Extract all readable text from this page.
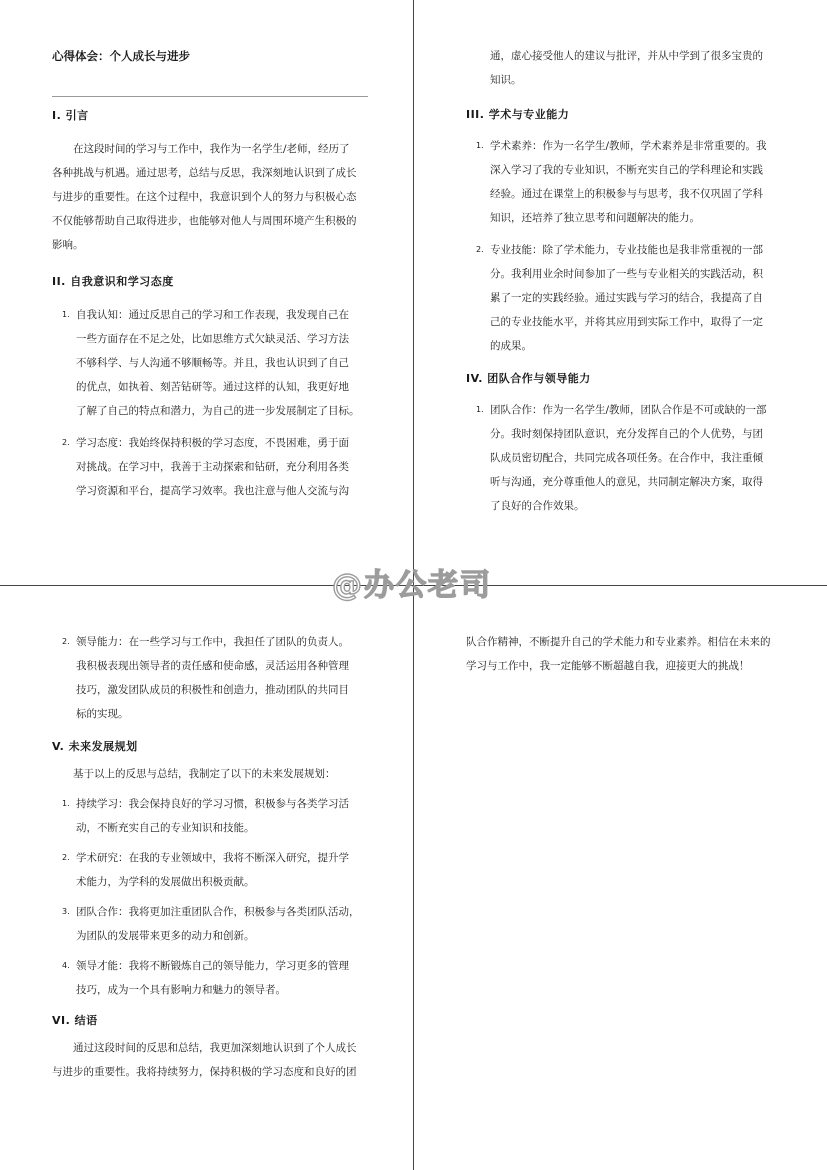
心得体会：个人成长与进步

I. 引言

在这段时间的学习与工作中，我作为一名学生/老师，经历了

各种挑战与机遇。通过思考，总结与反思，我深刻地认识到了成长

与进步的重要性。在这个过程中，我意识到个人的努力与积极心态

不仅能够帮助自己取得进步，也能够对他人与周围环境产生积极的

影响。

II. 自我意识和学习态度

1. 自我认知：通过反思自己的学习和工作表现，我发现自己在

一些方面存在不足之处，比如思维方式欠缺灵活、学习方法

不够科学、与人沟通不够顺畅等。并且，我也认识到了自己

的优点，如执着、刻苦钻研等。通过这样的认知，我更好地

了解了自己的特点和潜力，为自己的进一步发展制定了目标。

2. 学习态度：我始终保持积极的学习态度，不畏困难，勇于面

对挑战。在学习中，我善于主动探索和钻研，充分利用各类

学习资源和平台，提高学习效率。我也注意与他人交流与沟

通，虚心接受他人的建议与批评，并从中学到了很多宝贵的

知识。

III. 学术与专业能力

1. 学术素养：作为一名学生/教师，学术素养是非常重要的。我

深入学习了我的专业知识，不断充实自己的学科理论和实践

经验。通过在课堂上的积极参与与思考，我不仅巩固了学科

知识，还培养了独立思考和问题解决的能力。

2. 专业技能：除了学术能力，专业技能也是我非常重视的一部

分。我利用业余时间参加了一些与专业相关的实践活动，积

累了一定的实践经验。通过实践与学习的结合，我提高了自

己的专业技能水平，并将其应用到实际工作中，取得了一定

的成果。

IV. 团队合作与领导能力

1. 团队合作：作为一名学生/教师，团队合作是不可或缺的一部

分。我时刻保持团队意识，充分发挥自己的个人优势，与团

队成员密切配合，共同完成各项任务。在合作中，我注重倾

听与沟通，充分尊重他人的意见，共同制定解决方案，取得

了良好的合作效果。

2. 领导能力：在一些学习与工作中，我担任了团队的负责人。

我积极表现出领导者的责任感和使命感，灵活运用各种管理

技巧，激发团队成员的积极性和创造力，推动团队的共同目

标的实现。

V. 未来发展规划

基于以上的反思与总结，我制定了以下的未来发展规划：

1. 持续学习：我会保持良好的学习习惯，积极参与各类学习活

动，不断充实自己的专业知识和技能。

2. 学术研究：在我的专业领域中，我将不断深入研究，提升学

术能力，为学科的发展做出积极贡献。

3. 团队合作：我将更加注重团队合作，积极参与各类团队活动，

为团队的发展带来更多的动力和创新。

4. 领导才能：我将不断锻炼自己的领导能力，学习更多的管理

技巧，成为一个具有影响力和魅力的领导者。

VI. 结语

通过这段时间的反思和总结，我更加深刻地认识到了个人成长

与进步的重要性。我将持续努力，保持积极的学习态度和良好的团

队合作精神，不断提升自己的学术能力和专业素养。相信在未来的

学习与工作中，我一定能够不断超越自我，迎接更大的挑战！

@办公老司
